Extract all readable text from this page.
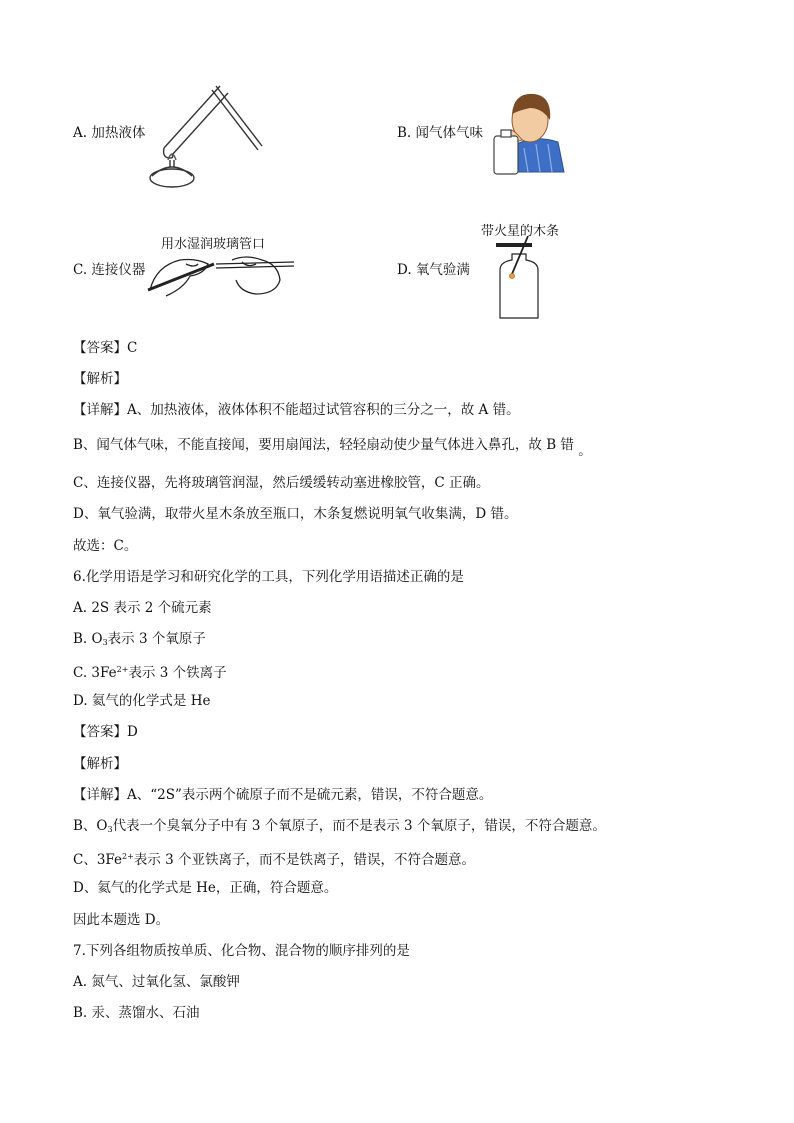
A. 加热液体	B. 闻气体气味
用水湿润玻璃管口
C. 连接仪器
带火星的木条
D. 氧气验满
【答案】C
【解析】
【详解】A、加热液体，液体体积不能超过试管容积的三分之一，故 A 错。
B、闻气体气味，不能直接闻，要用扇闻法，轻轻扇动使少量气体进入鼻孔，故 B 错 。
C、连接仪器，先将玻璃管润湿，然后缓缓转动塞进橡胶管，C 正确。
D、氧气验满，取带火星木条放至瓶口，木条复燃说明氧气收集满，D 错。
故选：C。
6.化学用语是学习和研究化学的工具，下列化学用语描述正确的是
A. 2S 表示 2 个硫元素
B. $O_3$表示 3 个氧原子
C. $3Fe^{2+}$表示 3 个铁离子
D. 氦气的化学式是 He
【答案】D
【解析】
【详解】A、“2S”表示两个硫原子而不是硫元素，错误，不符合题意。
B、$O_3$代表一个臭氧分子中有 3 个氧原子，而不是表示 3 个氧原子，错误，不符合题意。
C、$3Fe^{2+}$表示 3 个亚铁离子，而不是铁离子，错误，不符合题意。
D、氦气的化学式是 He，正确，符合题意。
因此本题选 D。
7.下列各组物质按单质、化合物、混合物的顺序排列的是
A. 氮气、过氧化氢、氯酸钾
B. 汞、蒸馏水、石油
